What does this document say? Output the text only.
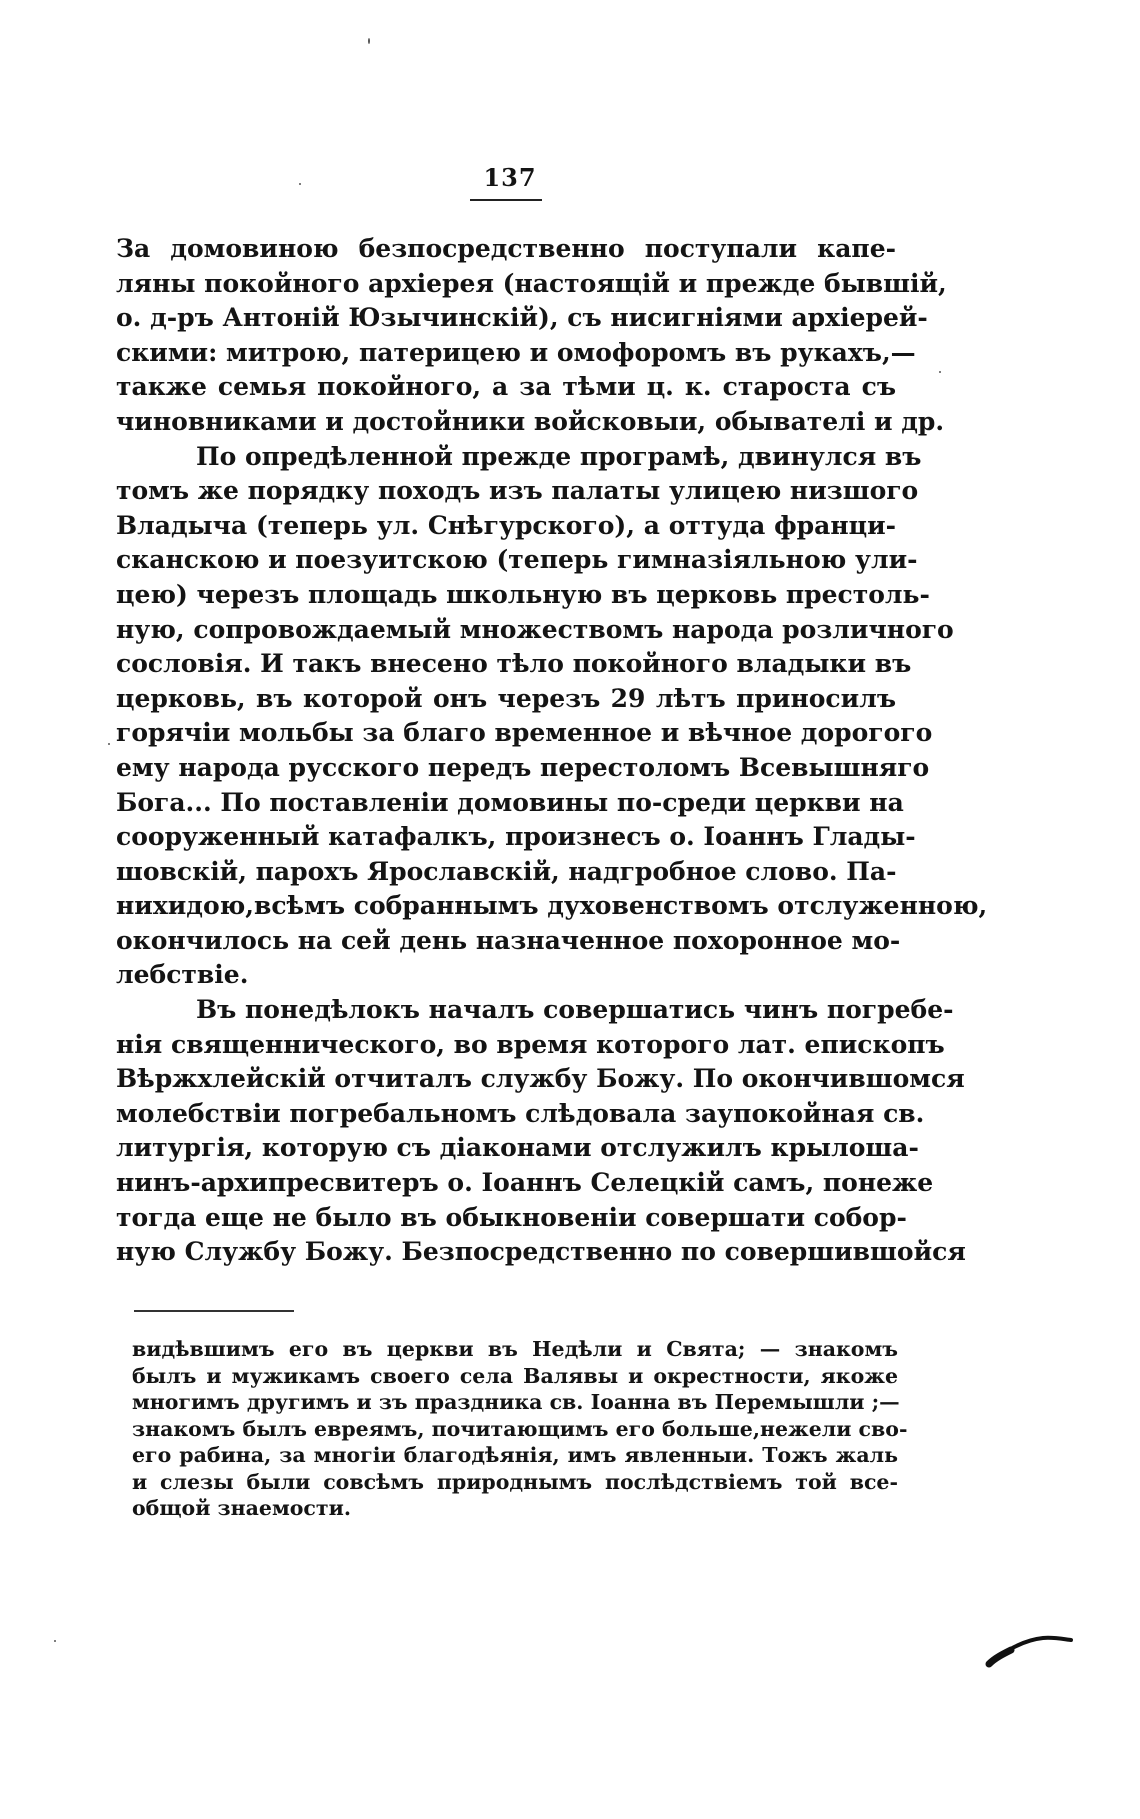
137
За домовиною безпосредственно поступали капе-
ляны покойного архіерея (настоящій и прежде бывшій,
о. д-ръ Антоній Юзычинскій), съ нисигніями архіерей-
скими: митрою, патерицею и омофоромъ въ рукахъ,—
также семья покойного, а за тѣми ц. к. староста съ
чиновниками и достойники войсковыи, обывателi и др.
По опредѣленной прежде програмѣ, двинулся въ
томъ же порядку походъ изъ палаты улицею низшого
Владыча (теперь ул. Снѣгурского), а оттуда франци-
сканскою и поезуитскою (теперь гимназіяльною ули-
цею) черезъ площадь школьную въ церковь престоль-
ную, сопровождаемый множествомъ народа розличного
сословія. И такъ внесено тѣло покойного владыки въ
церковь, въ которой онъ черезъ 29 лѣтъ приносилъ
горячіи мольбы за благо временное и вѣчное дорогого
ему народа русского передъ перестоломъ Всевышняго
Бога... По поставленіи домовины по-среди церкви на
сооруженный катафалкъ, произнесъ о. Іоаннъ Глады-
шовскій, парохъ Ярославскій, надгробное слово. Па-
нихидою,всѣмъ собраннымъ духовенствомъ отслуженною,
окончилось на сей день назначенное похоронное мо-
лебствіе.
Въ понедѣлокъ началъ совершатись чинъ погребе-
нія священнического, во время которого лат. епископъ
Вѣржхлейскій отчиталъ службу Божу. По окончившомся
молебствіи погребальномъ слѣдовала заупокойная св.
литургія, которую съ діаконами отслужилъ крылоша-
нинъ-архипресвитеръ о. Іоаннъ Селецкій самъ, понеже
тогда еще не было въ обыкновеніи совершати собор-
ную Службу Божу. Безпосредственно по совершившойся
видѣвшимъ его въ церкви въ Недѣли и Свята; — знакомъ
былъ и мужикамъ своего села Валявы и окрестности, якоже
многимъ другимъ и зъ праздника св. Іоанна въ Перемышли ;—
знакомъ былъ евреямъ, почитающимъ его больше,нежели сво-
его рабина, за многіи благодѣянія, имъ явленныи. Тожъ жаль
и слезы были совсѣмъ природнымъ послѣдствіемъ той все-
общой знаемости.
